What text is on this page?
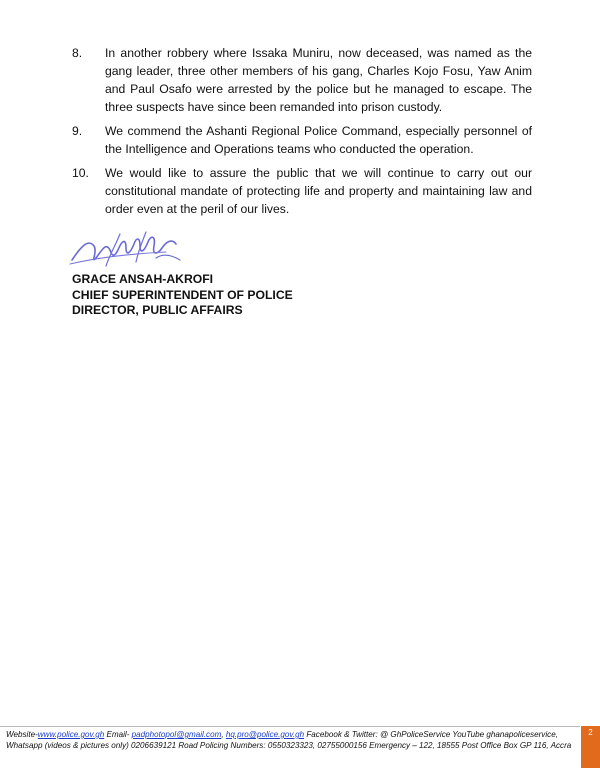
8. In another robbery where Issaka Muniru, now deceased, was named as the gang leader, three other members of his gang, Charles Kojo Fosu, Yaw Anim and Paul Osafo were arrested by the police but he managed to escape. The three suspects have since been remanded into prison custody.
9. We commend the Ashanti Regional Police Command, especially personnel of the Intelligence and Operations teams who conducted the operation.
10. We would like to assure the public that we will continue to carry out our constitutional mandate of protecting life and property and maintaining law and order even at the peril of our lives.
GRACE ANSAH-AKROFI
CHIEF SUPERINTENDENT OF POLICE
DIRECTOR, PUBLIC AFFAIRS
Website-www.police.gov.gh Email- padphotopol@gmail.com, hq.pro@police.gov.gh Facebook & Twitter: @ GhPoliceService YouTube ghanapoliceservice, Whatsapp (videos & pictures only) 0206639121 Road Policing Numbers: 0550323323, 02755000156 Emergency – 122, 18555 Post Office Box GP 116, Accra
2
